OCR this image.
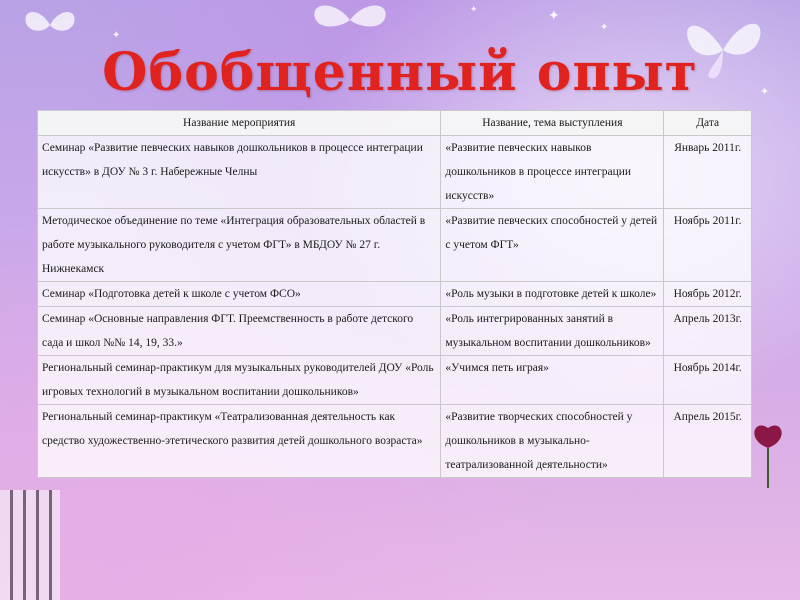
✦
✦
✦
✦
✦
Обобщенный опыт
Название мероприятия	Название, тема выступления	Дата
Семинар «Развитие певческих навыков дошкольников в процессе интеграции искусств» в ДОУ № 3 г. Набережные Челны	«Развитие певческих навыков дошкольников в процессе интеграции искусств»	Январь 2011г.
Методическое объединение по теме «Интеграция образовательных областей в работе музыкального руководителя с учетом ФГТ» в МБДОУ № 27 г. Нижнекамск	«Развитие певческих способностей у детей с учетом ФГТ»	Ноябрь 2011г.
Семинар «Подготовка детей к школе с учетом ФСО»	«Роль музыки в подготовке детей к школе»	Ноябрь 2012г.
Семинар «Основные направления ФГТ. Преемственность в работе детского сада и школ №№ 14, 19, 33.»	«Роль интегрированных занятий в музыкальном воспитании дошкольников»	Апрель 2013г.
Региональный семинар-практикум для музыкальных руководителей ДОУ «Роль игровых технологий в музыкальном воспитании дошкольников»	«Учимся петь играя»	Ноябрь 2014г.
Региональный семинар-практикум «Театрализованная деятельность как средство художественно-этетического развития детей дошкольного возраста»	«Развитие творческих способностей у дошкольников в музыкально-театрализованной деятельности»	Апрель 2015г.
